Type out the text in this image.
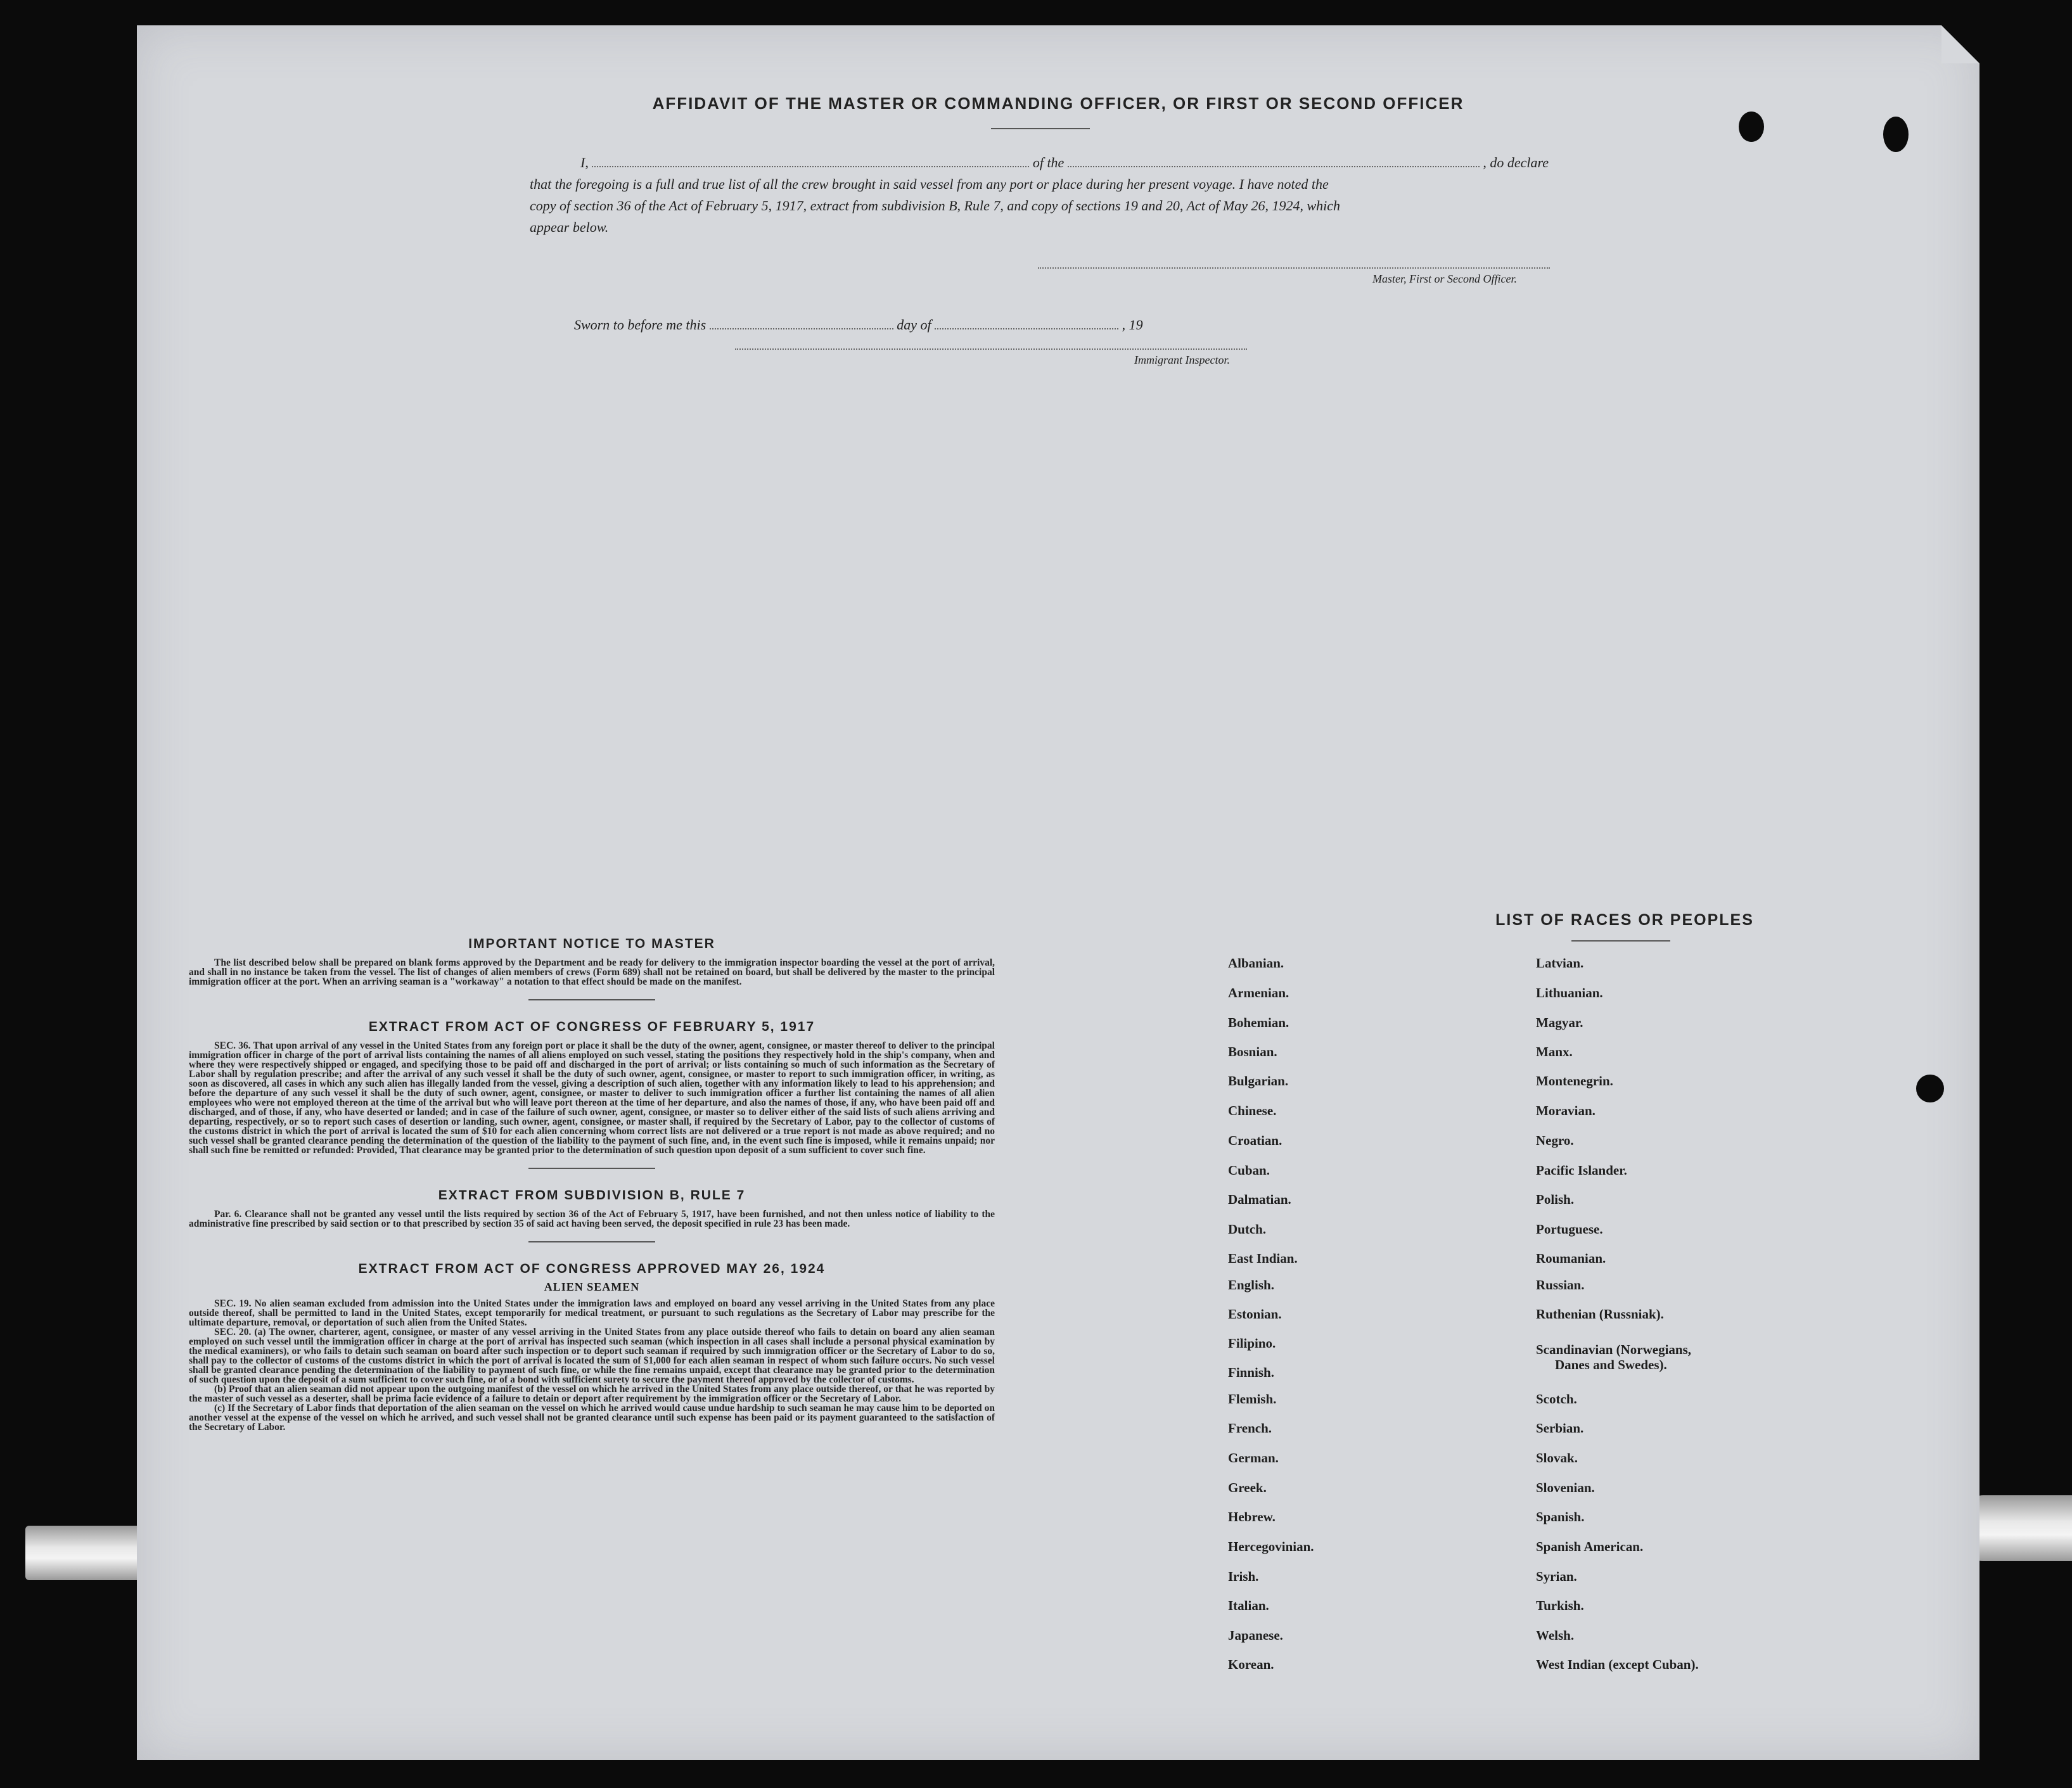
AFFIDAVIT OF THE MASTER OR COMMANDING OFFICER, OR FIRST OR SECOND OFFICER
I,	of the	, do declare
that the foregoing is a full and true list of all the crew brought in said vessel from any port or place during her present voyage. I have noted the
copy of section 36 of the Act of February 5, 1917, extract from subdivision B, Rule 7, and copy of sections 19 and 20, Act of May 26, 1924, which
appear below.
Master, First or Second Officer.
Sworn to before me this	day of	, 19
Immigrant Inspector.
IMPORTANT NOTICE TO MASTER

The list described below shall be prepared on blank forms approved by the Department and be ready for delivery to the immigration inspector boarding the vessel at the port of arrival, and shall in no instance be taken from the vessel. The list of changes of alien members of crews (Form 689) shall not be retained on board, but shall be delivered by the master to the principal immigration officer at the port. When an arriving seaman is a "workaway" a notation to that effect should be made on the manifest.

EXTRACT FROM ACT OF CONGRESS OF FEBRUARY 5, 1917

SEC. 36. That upon arrival of any vessel in the United States from any foreign port or place it shall be the duty of the owner, agent, consignee, or master thereof to deliver to the principal immigration officer in charge of the port of arrival lists containing the names of all aliens employed on such vessel, stating the positions they respectively hold in the ship's company, when and where they were respectively shipped or engaged, and specifying those to be paid off and discharged in the port of arrival; or lists containing so much of such information as the Secretary of Labor shall by regulation prescribe; and after the arrival of any such vessel it shall be the duty of such owner, agent, consignee, or master to report to such immigration officer, in writing, as soon as discovered, all cases in which any such alien has illegally landed from the vessel, giving a description of such alien, together with any information likely to lead to his apprehension; and before the departure of any such vessel it shall be the duty of such owner, agent, consignee, or master to deliver to such immigration officer a further list containing the names of all alien employees who were not employed thereon at the time of the arrival but who will leave port thereon at the time of her departure, and also the names of those, if any, who have been paid off and discharged, and of those, if any, who have deserted or landed; and in case of the failure of such owner, agent, consignee, or master so to deliver either of the said lists of such aliens arriving and departing, respectively, or so to report such cases of desertion or landing, such owner, agent, consignee, or master shall, if required by the Secretary of Labor, pay to the collector of customs of the customs district in which the port of arrival is located the sum of $10 for each alien concerning whom correct lists are not delivered or a true report is not made as above required; and no such vessel shall be granted clearance pending the determination of the question of the liability to the payment of such fine, and, in the event such fine is imposed, while it remains unpaid; nor shall such fine be remitted or refunded: Provided, That clearance may be granted prior to the determination of such question upon deposit of a sum sufficient to cover such fine.

EXTRACT FROM SUBDIVISION B, RULE 7

Par. 6. Clearance shall not be granted any vessel until the lists required by section 36 of the Act of February 5, 1917, have been furnished, and not then unless notice of liability to the administrative fine prescribed by said section or to that prescribed by section 35 of said act having been served, the deposit specified in rule 23 has been made.

EXTRACT FROM ACT OF CONGRESS APPROVED MAY 26, 1924
ALIEN SEAMEN

SEC. 19. No alien seaman excluded from admission into the United States under the immigration laws and employed on board any vessel arriving in the United States from any place outside thereof, shall be permitted to land in the United States, except temporarily for medical treatment, or pursuant to such regulations as the Secretary of Labor may prescribe for the ultimate departure, removal, or deportation of such alien from the United States.

SEC. 20. (a) The owner, charterer, agent, consignee, or master of any vessel arriving in the United States from any place outside thereof who fails to detain on board any alien seaman employed on such vessel until the immigration officer in charge at the port of arrival has inspected such seaman (which inspection in all cases shall include a personal physical examination by the medical examiners), or who fails to detain such seaman on board after such inspection or to deport such seaman if required by such immigration officer or the Secretary of Labor to do so, shall pay to the collector of customs of the customs district in which the port of arrival is located the sum of $1,000 for each alien seaman in respect of whom such failure occurs. No such vessel shall be granted clearance pending the determination of the liability to payment of such fine, or while the fine remains unpaid, except that clearance may be granted prior to the determination of such question upon the deposit of a sum sufficient to cover such fine, or of a bond with sufficient surety to secure the payment thereof approved by the collector of customs.

(b) Proof that an alien seaman did not appear upon the outgoing manifest of the vessel on which he arrived in the United States from any place outside thereof, or that he was reported by the master of such vessel as a deserter, shall be prima facie evidence of a failure to detain or deport after requirement by the immigration officer or the Secretary of Labor.

(c) If the Secretary of Labor finds that deportation of the alien seaman on the vessel on which he arrived would cause undue hardship to such seaman he may cause him to be deported on another vessel at the expense of the vessel on which he arrived, and such vessel shall not be granted clearance until such expense has been paid or its payment guaranteed to the satisfaction of the Secretary of Labor.

LIST OF RACES OR PEOPLES
Albanian.
Armenian.
Bohemian.
Bosnian.
Bulgarian.
Chinese.
Croatian.
Cuban.
Dalmatian.
Dutch.
East Indian.
English.
Estonian.
Filipino.
Finnish.
Flemish.
French.
German.
Greek.
Hebrew.
Hercegovinian.
Irish.
Italian.
Japanese.
Korean.
Latvian.
Lithuanian.
Magyar.
Manx.
Montenegrin.
Moravian.
Negro.
Pacific Islander.
Polish.
Portuguese.
Roumanian.
Russian.
Ruthenian (Russniak).
Scandinavian (Norwegians,
Danes and Swedes).
Scotch.
Serbian.
Slovak.
Slovenian.
Spanish.
Spanish American.
Syrian.
Turkish.
Welsh.
West Indian (except Cuban).
